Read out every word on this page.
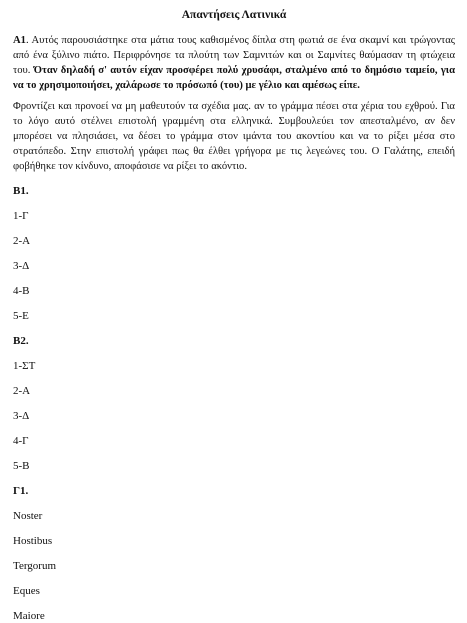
Απαντήσεις Λατινικά

Α1. Αυτός παρουσιάστηκε στα μάτια τους καθισμένος δίπλα στη φωτιά σε ένα σκαμνί και τρώγοντας από ένα ξύλινο πιάτο. Περιφρόνησε τα πλούτη των Σαμνιτών και οι Σαμνίτες θαύμασαν τη φτώχεια του. Όταν δηλαδή σ' αυτόν είχαν προσφέρει πολύ χρυσάφι, σταλμένο από το δημόσιο ταμείο, για να το χρησιμοποιήσει, χαλάρωσε το πρόσωπό (του) με γέλιο και αμέσως είπε.

Φροντίζει και προνοεί να μη μαθευτούν τα σχέδια μας. αν το γράμμα πέσει στα χέρια του εχθρού. Για το λόγο αυτό στέλνει επιστολή γραμμένη στα ελληνικά. Συμβουλεύει τον απεσταλμένο, αν δεν μπορέσει να πλησιάσει, να δέσει το γράμμα στον ιμάντα του ακοντίου και να το ρίξει μέσα στο στρατόπεδο. Στην επιστολή γράφει πως θα έλθει γρήγορα με τις λεγεώνες του. Ο Γαλάτης, επειδή φοβήθηκε τον κίνδυνο, αποφάσισε να ρίξει το ακόντιο.

Β1.
1-Γ
2-Α
3-Δ
4-Β
5-Ε
Β2.
1-ΣΤ
2-Α
3-Δ
4-Γ
5-Β
Γ1.
Noster
Hostibus
Tergorum
Eques
Maiore
